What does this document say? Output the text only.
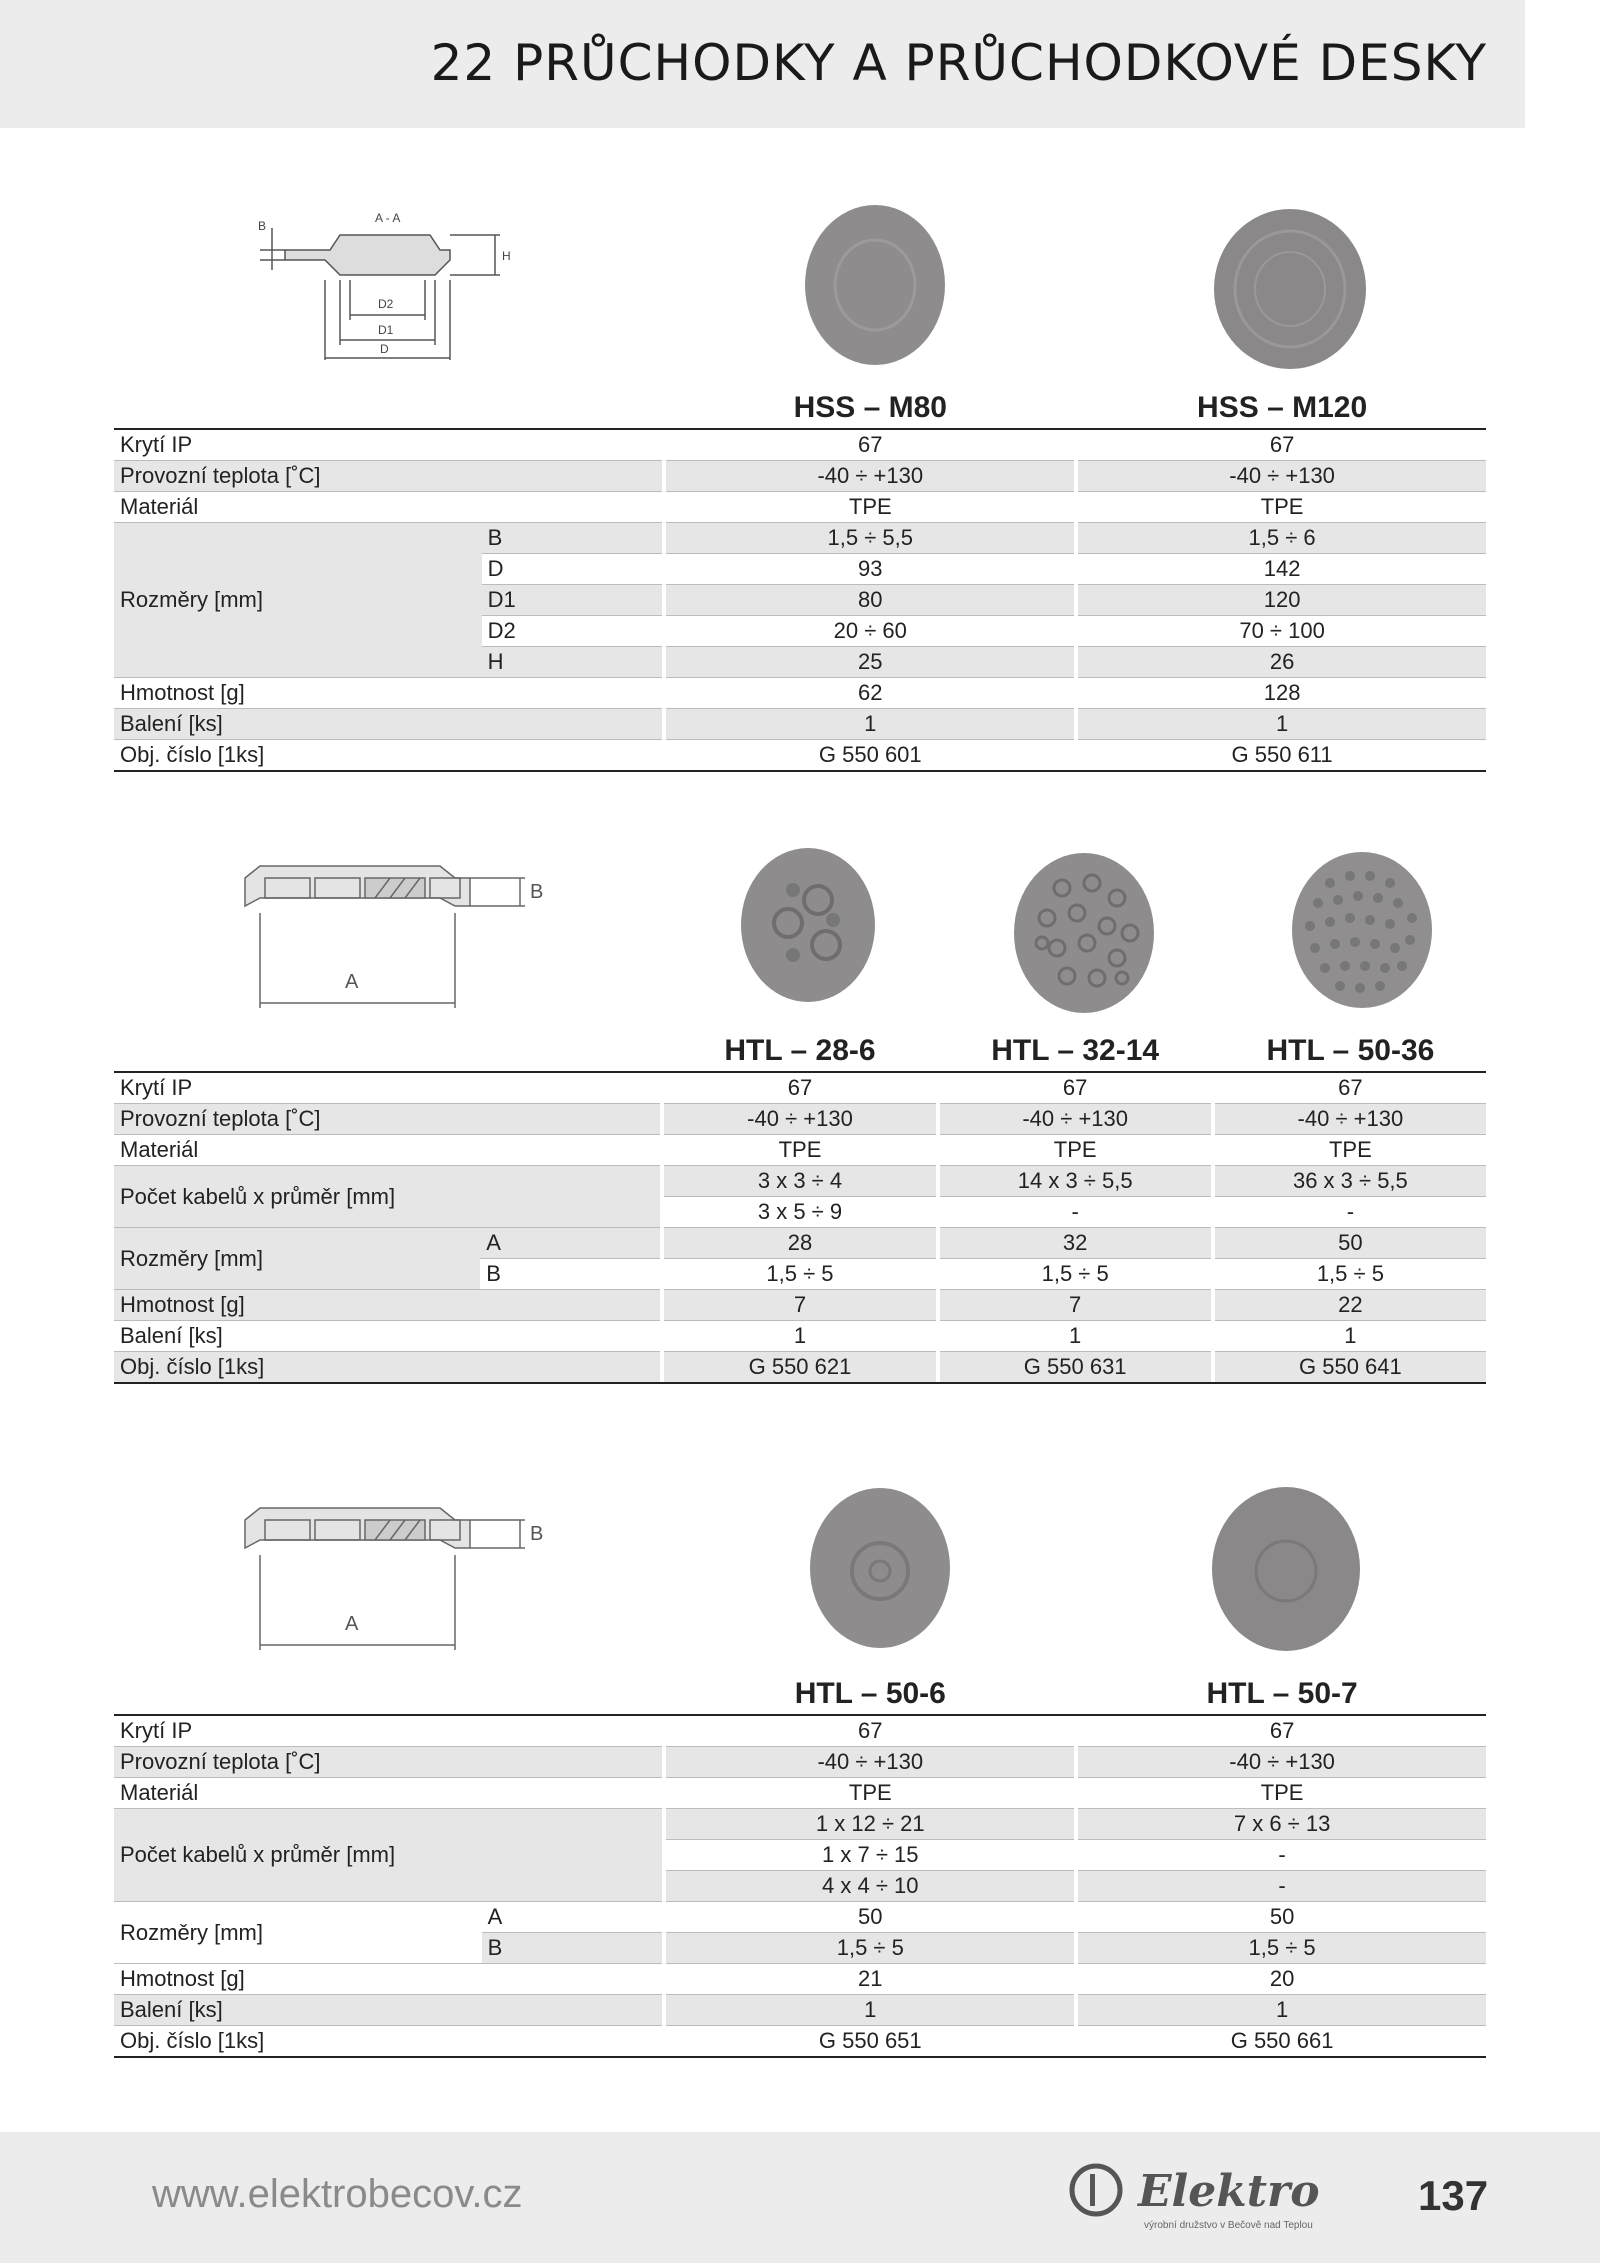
22 PRŮCHODKY A PRŮCHODKOVÉ DESKY
A - A
B
H
D2
D1
D
			HSS – M80		HSS – M120
Krytí IP			67		67
Provozní teplota [˚C]			-40 ÷ +130		-40 ÷ +130
Materiál			TPE		TPE
Rozměry [mm]	B		1,5 ÷ 5,5		1,5 ÷ 6
	D		93		142
	D1		80		120
	D2		20 ÷ 60		70 ÷ 100
	H		25		26
Hmotnost [g]			62		128
Balení [ks]			1		1
Obj. číslo [1ks]			G 550 601		G 550 611
B
A
			HTL – 28-6		HTL – 32-14		HTL – 50-36
Krytí IP			67		67		67
Provozní teplota [˚C]			-40 ÷ +130		-40 ÷ +130		-40 ÷ +130
Materiál			TPE		TPE		TPE
Počet kabelů x průměr [mm]			3 x 3 ÷ 4		14 x 3 ÷ 5,5		36 x 3 ÷ 5,5
			3 x 5 ÷ 9		-		-
Rozměry [mm]	A		28		32		50
	B		1,5 ÷ 5		1,5 ÷ 5		1,5 ÷ 5
Hmotnost [g]			7		7		22
Balení [ks]			1		1		1
Obj. číslo [1ks]			G 550 621		G 550 631		G 550 641
B
A
			HTL – 50-6		HTL – 50-7
Krytí IP			67		67
Provozní teplota [˚C]			-40 ÷ +130		-40 ÷ +130
Materiál			TPE		TPE
Počet kabelů x průměr [mm]			1 x 12 ÷ 21		7 x 6 ÷ 13
			1 x 7 ÷ 15		-
			4 x 4 ÷ 10		-
Rozměry [mm]	A		50		50
	B		1,5 ÷ 5		1,5 ÷ 5
Hmotnost [g]			21		20
Balení [ks]			1		1
Obj. číslo [1ks]			G 550 651		G 550 661
www.elektrobecov.cz	Elektro
výrobní družstvo v Bečově nad Teplou
137
